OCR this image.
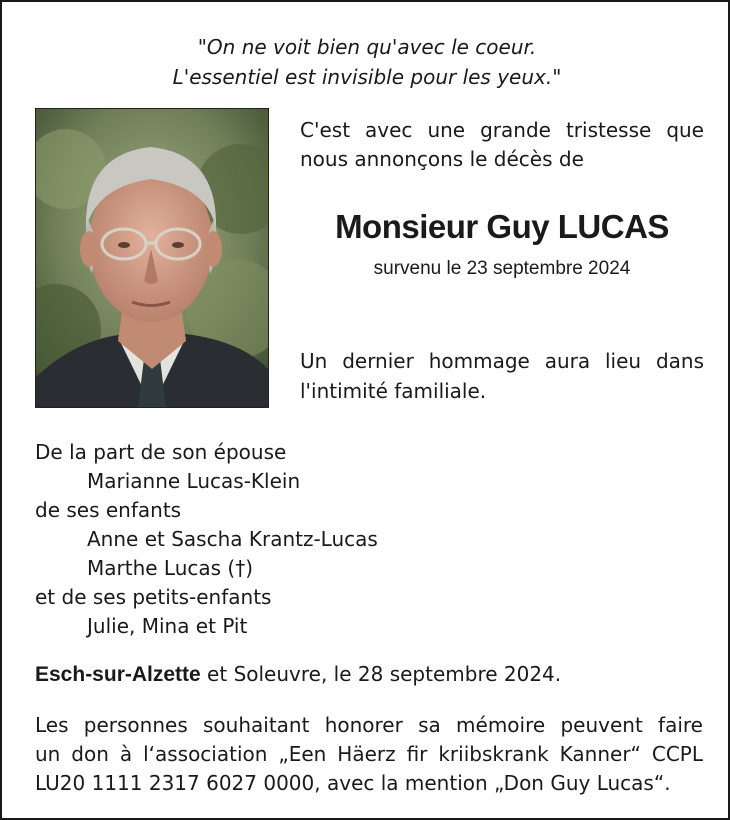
"On ne voit bien qu'avec le coeur.
L'essentiel est invisible pour les yeux."
C'est avec une grande tristesse que
nous annonçons le décès de
Monsieur Guy LUCAS
survenu le 23 septembre 2024
Un dernier hommage aura lieu dans
l'intimité familiale.
De la part de son épouse
Marianne Lucas-Klein
de ses enfants
Anne et Sascha Krantz-Lucas
Marthe Lucas (†)
et de ses petits-enfants
Julie, Mina et Pit
Esch-sur-Alzette et Soleuvre, le 28 septembre 2024.
Les personnes souhaitant honorer sa mémoire peuvent faire
un don à l‘association „Een Häerz fir kriibskrank Kanner“ CCPL
LU20 1111 2317 6027 0000, avec la mention „Don Guy Lucas“.
